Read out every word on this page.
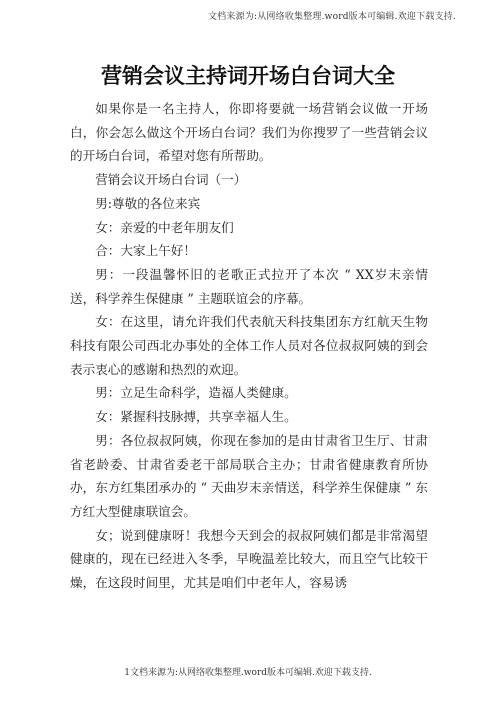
文档来源为:从网络收集整理.word版本可编辑.欢迎下载支持.
营销会议主持词开场白台词大全

如果你是一名主持人，你即将要就一场营销会议做一开场白，你会怎么做这个开场白台词？我们为你搜罗了一些营销会议的开场白台词，希望对您有所帮助。

营销会议开场白台词（一）

男:尊敬的各位来宾

女：亲爱的中老年朋友们

合：大家上午好！

男：一段温馨怀旧的老歌正式拉开了本次 “ XX岁末亲情送，科学养生保健康 ” 主题联谊会的序幕。

女：在这里，请允许我们代表航天科技集团东方红航天生物科技有限公司西北办事处的全体工作人员对各位叔叔阿姨的到会表示衷心的感谢和热烈的欢迎。

男：立足生命科学，造福人类健康。

女：紧握科技脉搏，共享幸福人生。

男：各位叔叔阿姨，你现在参加的是由甘肃省卫生厅、甘肃省老龄委、甘肃省委老干部局联合主办；甘肃省健康教育所协办，东方红集团承办的 “ 天曲岁末亲情送，科学养生保健康 ” 东方红大型健康联谊会。

女；说到健康呀！我想今天到会的叔叔阿姨们都是非常渴望健康的，现在已经进入冬季，早晚温差比较大，而且空气比较干燥，在这段时间里，尤其是咱们中老年人，容易诱

1文档来源为:从网络收集整理.word版本可编辑.欢迎下载支持.
